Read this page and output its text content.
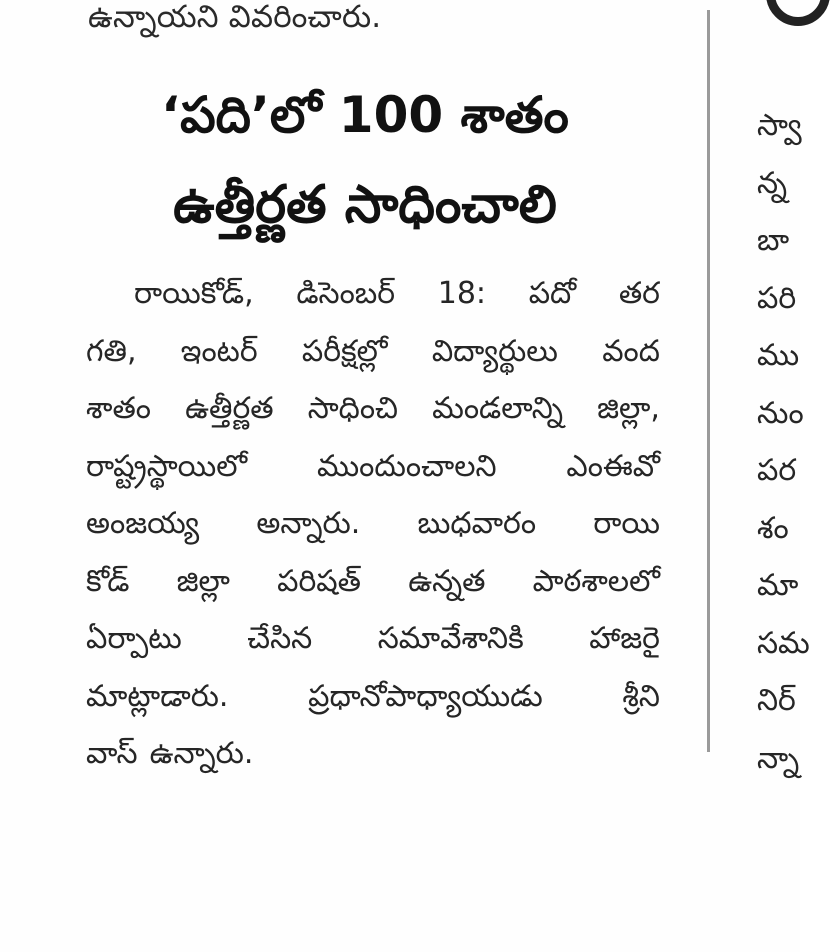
ఉన్నాయని వివరించారు.
‘పది’లో 100 శాతం
ఉత్తీర్ణత సాధించాలి
రాయికోడ్, డిసెంబర్ 18: పదో తర
గతి, ఇంటర్ పరీక్షల్లో విద్యార్థులు వంద
శాతం ఉత్తీర్ణత సాధించి మండలాన్ని జిల్లా,
రాష్ట్రస్థాయిలో ముందుంచాలని ఎంఈవో
అంజయ్య అన్నారు. బుధవారం రాయి
కోడ్ జిల్లా పరిషత్ ఉన్నత పాఠశాలలో
ఏర్పాటు చేసిన సమావేశానికి హాజరై
మాట్లాడారు.	ప్రధానోపాధ్యాయుడు	శ్రీని
వాస్ ఉన్నారు.
స్వా
న్న
బా
పరి
ము
నుం
పర
శం
మా
సమ
నిర్
న్నా
